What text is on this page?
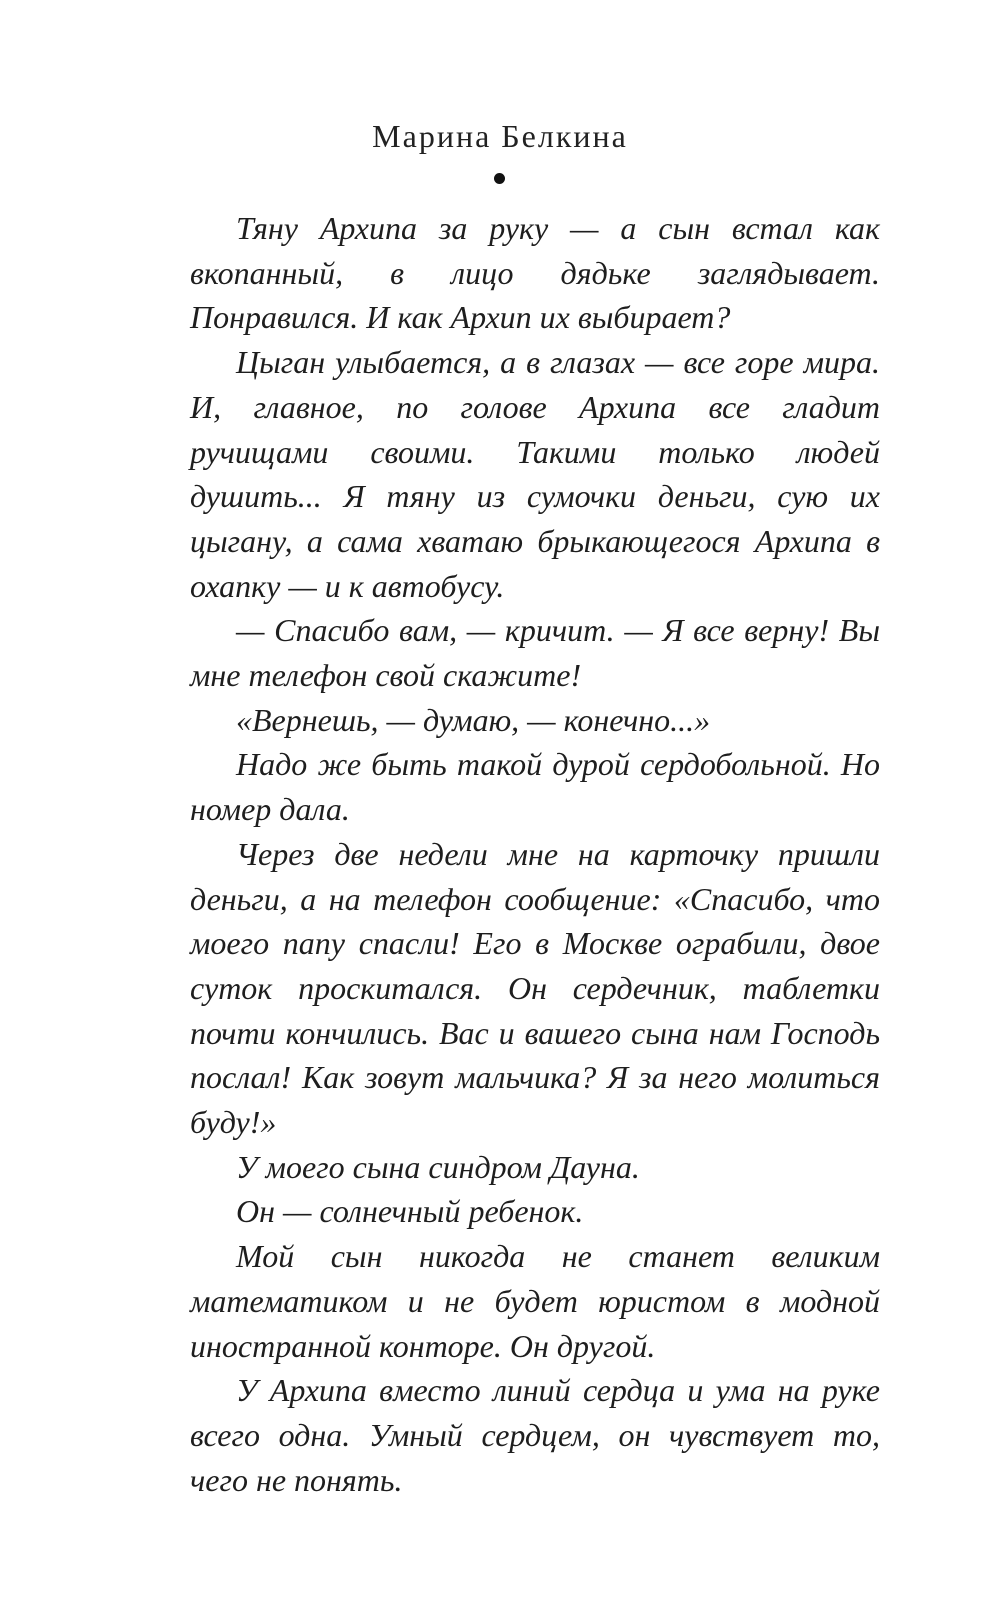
Марина Белкина

Тяну Архипа за руку — а сын встал как вкопанный, в лицо дядьке заглядывает. Понравился. И как Архип их выбирает?

Цыган улыбается, а в глазах — все горе мира. И, главное, по голове Архипа все гладит ручищами своими. Такими только людей душить... Я тяну из сумочки деньги, сую их цыгану, а сама хватаю брыкающегося Архипа в охапку — и к автобусу.

— Спасибо вам, — кричит. — Я все верну! Вы мне телефон свой скажите!

«Вернешь, — думаю, — конечно...»

Надо же быть такой дурой сердобольной. Но номер дала.

Через две недели мне на карточку пришли деньги, а на телефон сообщение: «Спасибо, что моего папу спасли! Его в Москве ограбили, двое суток проскитался. Он сердечник, таблетки почти кончились. Вас и вашего сына нам Господь послал! Как зовут мальчика? Я за него молиться буду!»

У моего сына синдром Дауна.

Он — солнечный ребенок.

Мой сын никогда не станет великим математиком и не будет юристом в модной иностранной конторе. Он другой.

У Архипа вместо линий сердца и ума на руке всего одна. Умный сердцем, он чувствует то, чего не понять.
